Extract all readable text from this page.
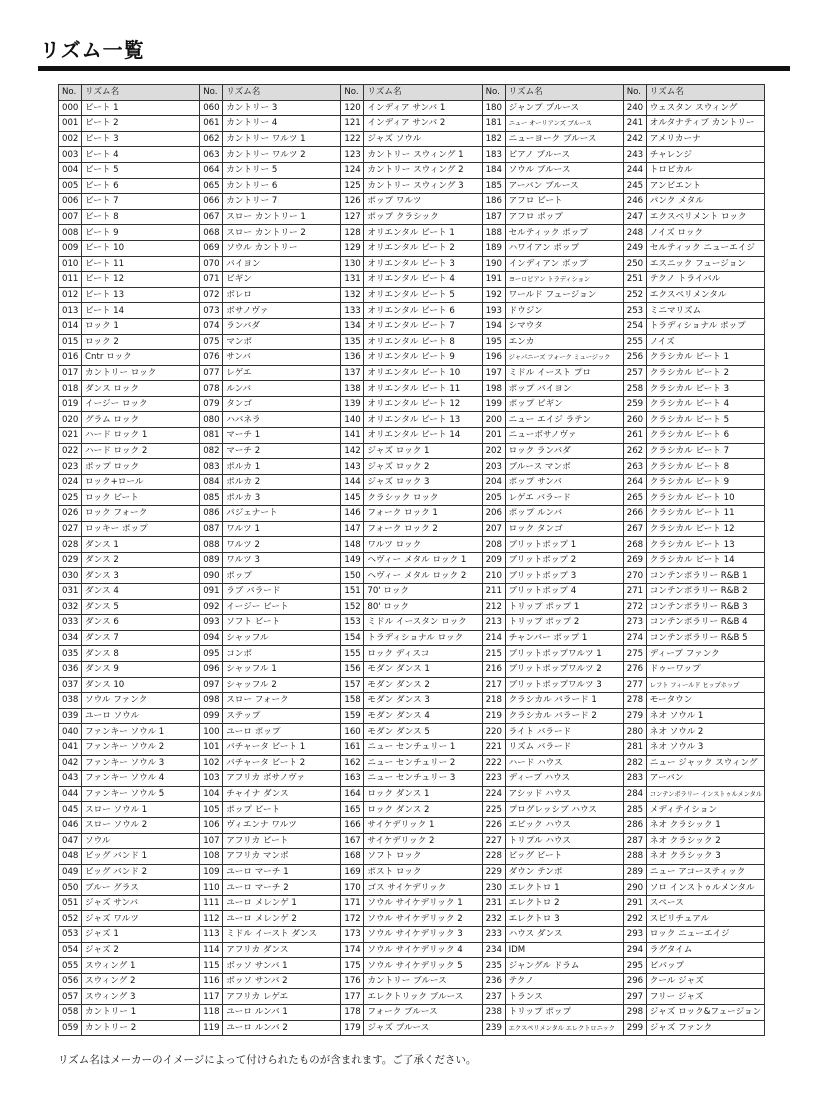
リズム一覧
No.	リズム名	No.	リズム名	No.	リズム名	No.	リズム名	No.	リズム名
000	ビート 1	060	カントリー 3	120	インディア サンバ 1	180	ジャンプ ブルース	240	ウェスタン スウィング
001	ビート 2	061	カントリー 4	121	インディア サンバ 2	181	ニュー オーリアンズ ブルース	241	オルタナティブ カントリー
002	ビート 3	062	カントリー ワルツ 1	122	ジャズ ソウル	182	ニューヨーク ブルース	242	アメリカーナ
003	ビート 4	063	カントリー ワルツ 2	123	カントリー スウィング 1	183	ピアノ ブルース	243	チャレンジ
004	ビート 5	064	カントリー 5	124	カントリー スウィング 2	184	ソウル ブルース	244	トロピカル
005	ビート 6	065	カントリー 6	125	カントリー スウィング 3	185	アーバン ブルース	245	アンビエント
006	ビート 7	066	カントリー 7	126	ポップ ワルツ	186	アフロ ビート	246	パンク メタル
007	ビート 8	067	スロー カントリー 1	127	ポップ クラシック	187	アフロ ポップ	247	エクスペリメント ロック
008	ビート 9	068	スロー カントリー 2	128	オリエンタル ビート 1	188	セルティック ポップ	248	ノイズ ロック
009	ビート 10	069	ソウル カントリー	129	オリエンタル ビート 2	189	ハワイアン ポップ	249	セルティック ニューエイジ
010	ビート 11	070	バイヨン	130	オリエンタル ビート 3	190	インディアン ポップ	250	エスニック フュージョン
011	ビート 12	071	ビギン	131	オリエンタル ビート 4	191	ヨーロピアン トラディション	251	テクノ トライバル
012	ビート 13	072	ボレロ	132	オリエンタル ビート 5	192	ワールド フュージョン	252	エクスペリメンタル
013	ビート 14	073	ボサノヴァ	133	オリエンタル ビート 6	193	ドウジン	253	ミニマリズム
014	ロック 1	074	ランバダ	134	オリエンタル ビート 7	194	シマウタ	254	トラディショナル ポップ
015	ロック 2	075	マンボ	135	オリエンタル ビート 8	195	エンカ	255	ノイズ
016	Cntr ロック	076	サンバ	136	オリエンタル ビート 9	196	ジャパニーズ フォーク ミュージック	256	クラシカル ビート 1
017	カントリー ロック	077	レゲエ	137	オリエンタル ビート 10	197	ミドル イースト プロ	257	クラシカル ビート 2
018	ダンス ロック	078	ルンバ	138	オリエンタル ビート 11	198	ポップ バイヨン	258	クラシカル ビート 3
019	イージー ロック	079	タンゴ	139	オリエンタル ビート 12	199	ポップ ビギン	259	クラシカル ビート 4
020	グラム ロック	080	ハバネラ	140	オリエンタル ビート 13	200	ニュー エイジ ラテン	260	クラシカル ビート 5
021	ハード ロック 1	081	マーチ 1	141	オリエンタル ビート 14	201	ニューボサノヴァ	261	クラシカル ビート 6
022	ハード ロック 2	082	マーチ 2	142	ジャズ ロック 1	202	ロック ランバダ	262	クラシカル ビート 7
023	ポップ ロック	083	ポルカ 1	143	ジャズ ロック 2	203	ブルース マンボ	263	クラシカル ビート 8
024	ロック+ロール	084	ポルカ 2	144	ジャズ ロック 3	204	ポップ サンバ	264	クラシカル ビート 9
025	ロック ビート	085	ポルカ 3	145	クラシック ロック	205	レゲエ バラード	265	クラシカル ビート 10
026	ロック フォーク	086	パジェナート	146	フォーク ロック 1	206	ポップ ルンバ	266	クラシカル ビート 11
027	ロッキー ポップ	087	ワルツ 1	147	フォーク ロック 2	207	ロック タンゴ	267	クラシカル ビート 12
028	ダンス 1	088	ワルツ 2	148	ワルツ ロック	208	ブリットポップ 1	268	クラシカル ビート 13
029	ダンス 2	089	ワルツ 3	149	ヘヴィー メタル ロック 1	209	ブリットポップ 2	269	クラシカル ビート 14
030	ダンス 3	090	ポップ	150	ヘヴィー メタル ロック 2	210	ブリットポップ 3	270	コンテンポラリー R&B 1
031	ダンス 4	091	ラブ バラード	151	70' ロック	211	ブリットポップ 4	271	コンテンポラリー R&B 2
032	ダンス 5	092	イージー ビート	152	80' ロック	212	トリップ ポップ 1	272	コンテンポラリー R&B 3
033	ダンス 6	093	ソフト ビート	153	ミドル イースタン ロック	213	トリップ ポップ 2	273	コンテンポラリー R&B 4
034	ダンス 7	094	シャッフル	154	トラディショナル ロック	214	チャンバー ポップ 1	274	コンテンポラリー R&B 5
035	ダンス 8	095	コンボ	155	ロック ディスコ	215	ブリットポップワルツ 1	275	ディープ ファンク
036	ダンス 9	096	シャッフル 1	156	モダン ダンス 1	216	ブリットポップワルツ 2	276	ドゥーワップ
037	ダンス 10	097	シャッフル 2	157	モダン ダンス 2	217	ブリットポップワルツ 3	277	レフト フィールド ヒップホップ
038	ソウル ファンク	098	スロー フォーク	158	モダン ダンス 3	218	クラシカル バラード 1	278	モータウン
039	ユーロ ソウル	099	ステップ	159	モダン ダンス 4	219	クラシカル バラード 2	279	ネオ ソウル 1
040	ファンキー ソウル 1	100	ユーロ ポップ	160	モダン ダンス 5	220	ライト バラード	280	ネオ ソウル 2
041	ファンキー ソウル 2	101	バチャータ ビート 1	161	ニュー センチュリー 1	221	リズム バラード	281	ネオ ソウル 3
042	ファンキー ソウル 3	102	バチャータ ビート 2	162	ニュー センチュリー 2	222	ハード ハウス	282	ニュー ジャック スウィング
043	ファンキー ソウル 4	103	アフリカ ボサノヴァ	163	ニュー センチュリー 3	223	ディープ ハウス	283	アーバン
044	ファンキー ソウル 5	104	チャイナ ダンス	164	ロック ダンス 1	224	アシッド ハウス	284	コンテンポラリー インストゥルメンタル
045	スロー ソウル 1	105	ポップ ビート	165	ロック ダンス 2	225	プログレッシブ ハウス	285	メディテイション
046	スロー ソウル 2	106	ヴィエンナ ワルツ	166	サイケデリック 1	226	エピック ハウス	286	ネオ クラシック 1
047	ソウル	107	アフリカ ビート	167	サイケデリック 2	227	トリプル ハウス	287	ネオ クラシック 2
048	ビッグ バンド 1	108	アフリカ マンボ	168	ソフト ロック	228	ビッグ ビート	288	ネオ クラシック 3
049	ビッグ バンド 2	109	ユーロ マーチ 1	169	ポスト ロック	229	ダウン テンポ	289	ニュー アコースティック
050	ブルー グラス	110	ユーロ マーチ 2	170	ゴス サイケデリック	230	エレクトロ 1	290	ソロ インストゥルメンタル
051	ジャズ サンバ	111	ユーロ メレンゲ 1	171	ソウル サイケデリック 1	231	エレクトロ 2	291	スペース
052	ジャズ ワルツ	112	ユーロ メレンゲ 2	172	ソウル サイケデリック 2	232	エレクトロ 3	292	スピリチュアル
053	ジャズ 1	113	ミドル イースト ダンス	173	ソウル サイケデリック 3	233	ハウス ダンス	293	ロック ニューエイジ
054	ジャズ 2	114	アフリカ ダンス	174	ソウル サイケデリック 4	234	IDM	294	ラグタイム
055	スウィング 1	115	ボッソ サンバ 1	175	ソウル サイケデリック 5	235	ジャングル ドラム	295	ビバップ
056	スウィング 2	116	ボッソ サンバ 2	176	カントリー ブルース	236	テクノ	296	クール ジャズ
057	スウィング 3	117	アフリカ レゲエ	177	エレクトリック ブルース	237	トランス	297	フリー ジャズ
058	カントリー 1	118	ユーロ ルンバ 1	178	フォーク ブルース	238	トリップ ポップ	298	ジャズ ロック&フュージョン
059	カントリー 2	119	ユーロ ルンバ 2	179	ジャズ ブルース	239	エクスペリメンタル エレクトロニック	299	ジャズ ファンク

リズム名はメーカーのイメージによって付けられたものが含まれます。ご了承ください。
